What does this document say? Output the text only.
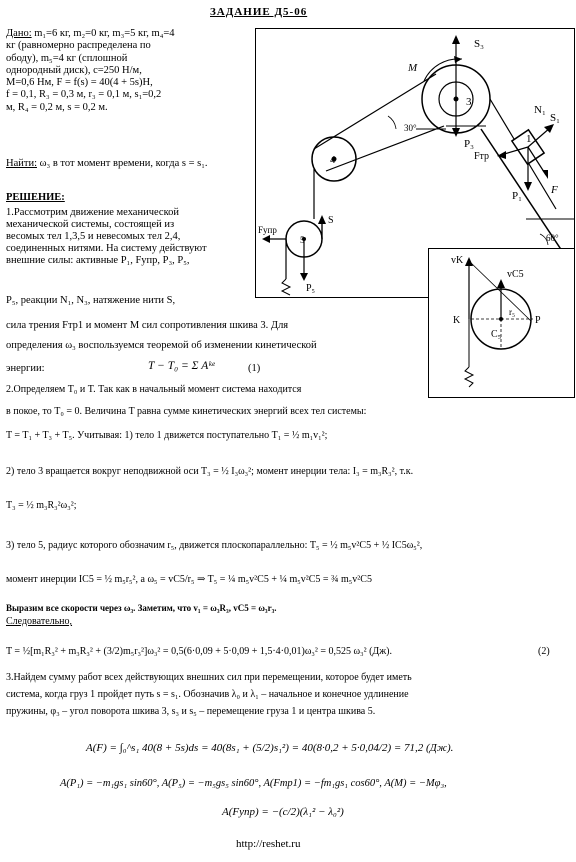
ЗАДАНИЕ Д5-06
Дано: m₁=6 кг, m₂=0 кг, m₃=5 кг, m₄=4
кг (равномерно распределена по
ободу), m₅=4 кг (сплошной
однородный диск), c=250 Н/м,
М=0,6 Нм, F = f(s) = 40(4 + 5s)Н,
f = 0,1, R₃ = 0,3 м, r₃ = 0,1 м, s₁=0,2
м, R₄ = 0,2 м, s = 0,2 м.
Найти: ω₃ в тот момент времени, когда s = s₁.
РЕШЕНИЕ:
1.Рассмотрим движение механической
механической системы, состоящей из
весомых тел 1,3,5 и невесомых тел 2,4,
соединенных нитями. На систему действуют
внешние силы: активные P₁, Fупр, P₃, P₅,
S₃
M
3
P₃
4
1
S₁
N₁
Fтр
P₁	F
30°
60°
5
Fупр
S
P₅
vK
vC5
K
C₅
P
r₅
P₅, реакции N₁, N₃, натяжение нити S,
сила трения Fтр1 и момент M сил сопротивления шкива 3. Для
определения ω₃ воспользуемся теоремой об изменении кинетической
энергии:	T − T₀ = Σ Aᵏᵉ	(1)
2.Определяем T₀ и T. Так как в начальный момент система находится
в покое, то T₀ = 0. Величина T равна сумме кинетических энергий всех тел системы:
T = T₁ + T₃ + T₅. Учитывая: 1) тело 1 движется поступательно T₁ = ½ m₁v₁²;
2) тело 3 вращается вокруг неподвижной оси T₃ = ½ I₃ω₃²; момент инерции тела: I₃ = m₃R₃², т.к.
T₃ = ½ m₃R₃²ω₃²;
3) тело 5, радиус которого обозначим r₅, движется плоскопараллельно: T₅ = ½ m₅v²C5 + ½ IC5ω₅²,
момент инерции IC5 = ½ m₅r₅², а ω₅ = vC5/r₅ ⇒ T₅ = ¼ m₅v²C5 + ¼ m₅v²C5 = ¾ m₅v²C5
Выразим все скорости через ω₃. Заметим, что v₁ = ω₃R₃, vC5 = ω₃r₃.
Следовательно,
T = ½[m₁R₃² + m₃R₃² + (3/2)m₅r₃²]ω₃² = 0,5(6·0,09 + 5·0,09 + 1,5·4·0,01)ω₃² = 0,525 ω₃² (Дж).	(2)
3.Найдем сумму работ всех действующих внешних сил при перемещении, которое будет иметь
система, когда груз 1 пройдет путь s = s₁. Обозначив λ₀ и λ₁ – начальное и конечное удлинение
пружины, φ₃ – угол поворота шкива 3, s₃ и s₅ – перемещение груза 1 и центра шкива 5.
A(F) = ∫₀^s₁ 40(8 + 5s)ds = 40(8s₁ + (5/2)s₁²) = 40(8·0,2 + 5·0,04/2) = 71,2 (Дж).
A(P₁) = −m₁gs₁ sin60°, A(P₅) = −m₅gs₅ sin60°, A(Fтр1) = −fm₁gs₁ cos60°, A(M) = −Mφ₃,
A(Fупр) = −(c/2)(λ₁² − λ₀²)
http://reshet.ru
